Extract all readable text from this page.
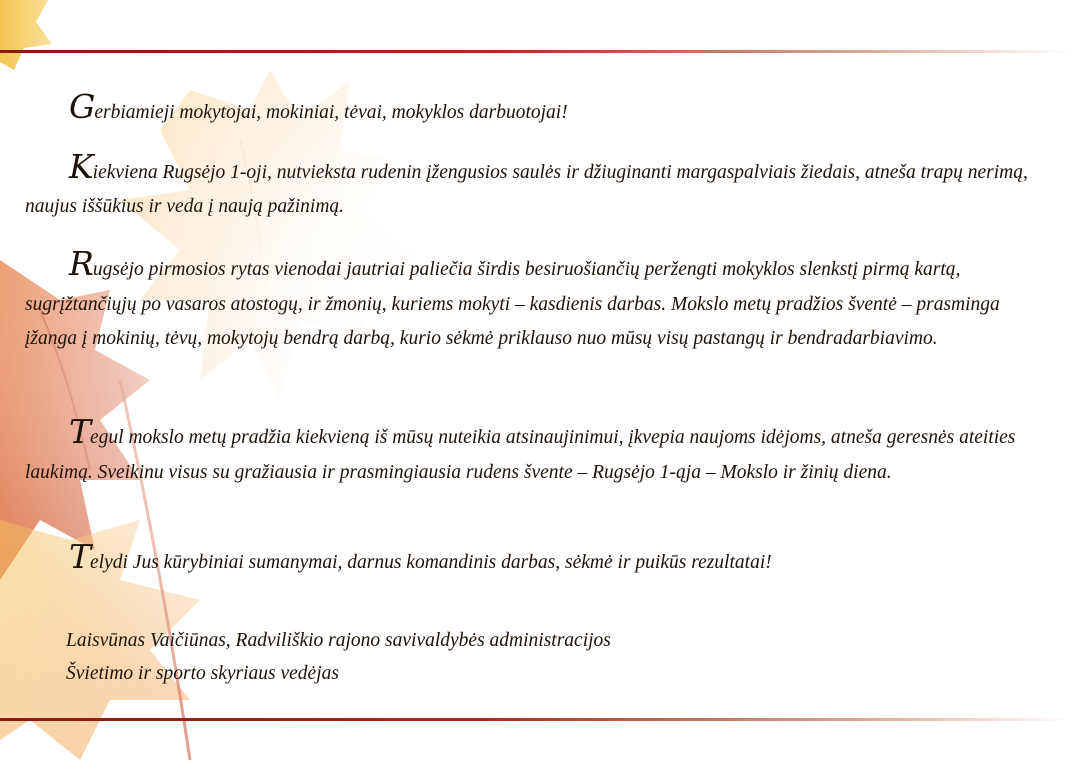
Gerbiamieji mokytojai, mokiniai, tėvai, mokyklos darbuotojai!

Kiekviena Rugsėjo 1-oji, nutvieksta rudenin įžengusios saulės ir džiuginanti margaspalviais žiedais, atneša trapų nerimą, naujus iššūkius ir veda į naują pažinimą.

Rugsėjo pirmosios rytas vienodai jautriai paliečia širdis besiruošiančių peržengti mokyklos slenkstį pirmą kartą, sugrįžtančiųjų po vasaros atostogų, ir žmonių, kuriems mokyti – kasdienis darbas. Mokslo metų pradžios šventė – prasminga įžanga į mokinių, tėvų, mokytojų bendrą darbą, kurio sėkmė priklauso nuo mūsų visų pastangų ir bendradarbiavimo.

Tegul mokslo metų pradžia kiekvieną iš mūsų nuteikia atsinaujinimui, įkvepia naujoms idėjoms, atneša geresnės ateities laukimą. Sveikinu visus su gražiausia ir prasmingiausia rudens švente – Rugsėjo 1-ąja – Mokslo ir žinių diena.

Telydi Jus kūrybiniai sumanymai, darnus komandinis darbas, sėkmė ir puikūs rezultatai!

Laisvūnas Vaičiūnas, Radviliškio rajono savivaldybės administracijos

Švietimo ir sporto skyriaus vedėjas
